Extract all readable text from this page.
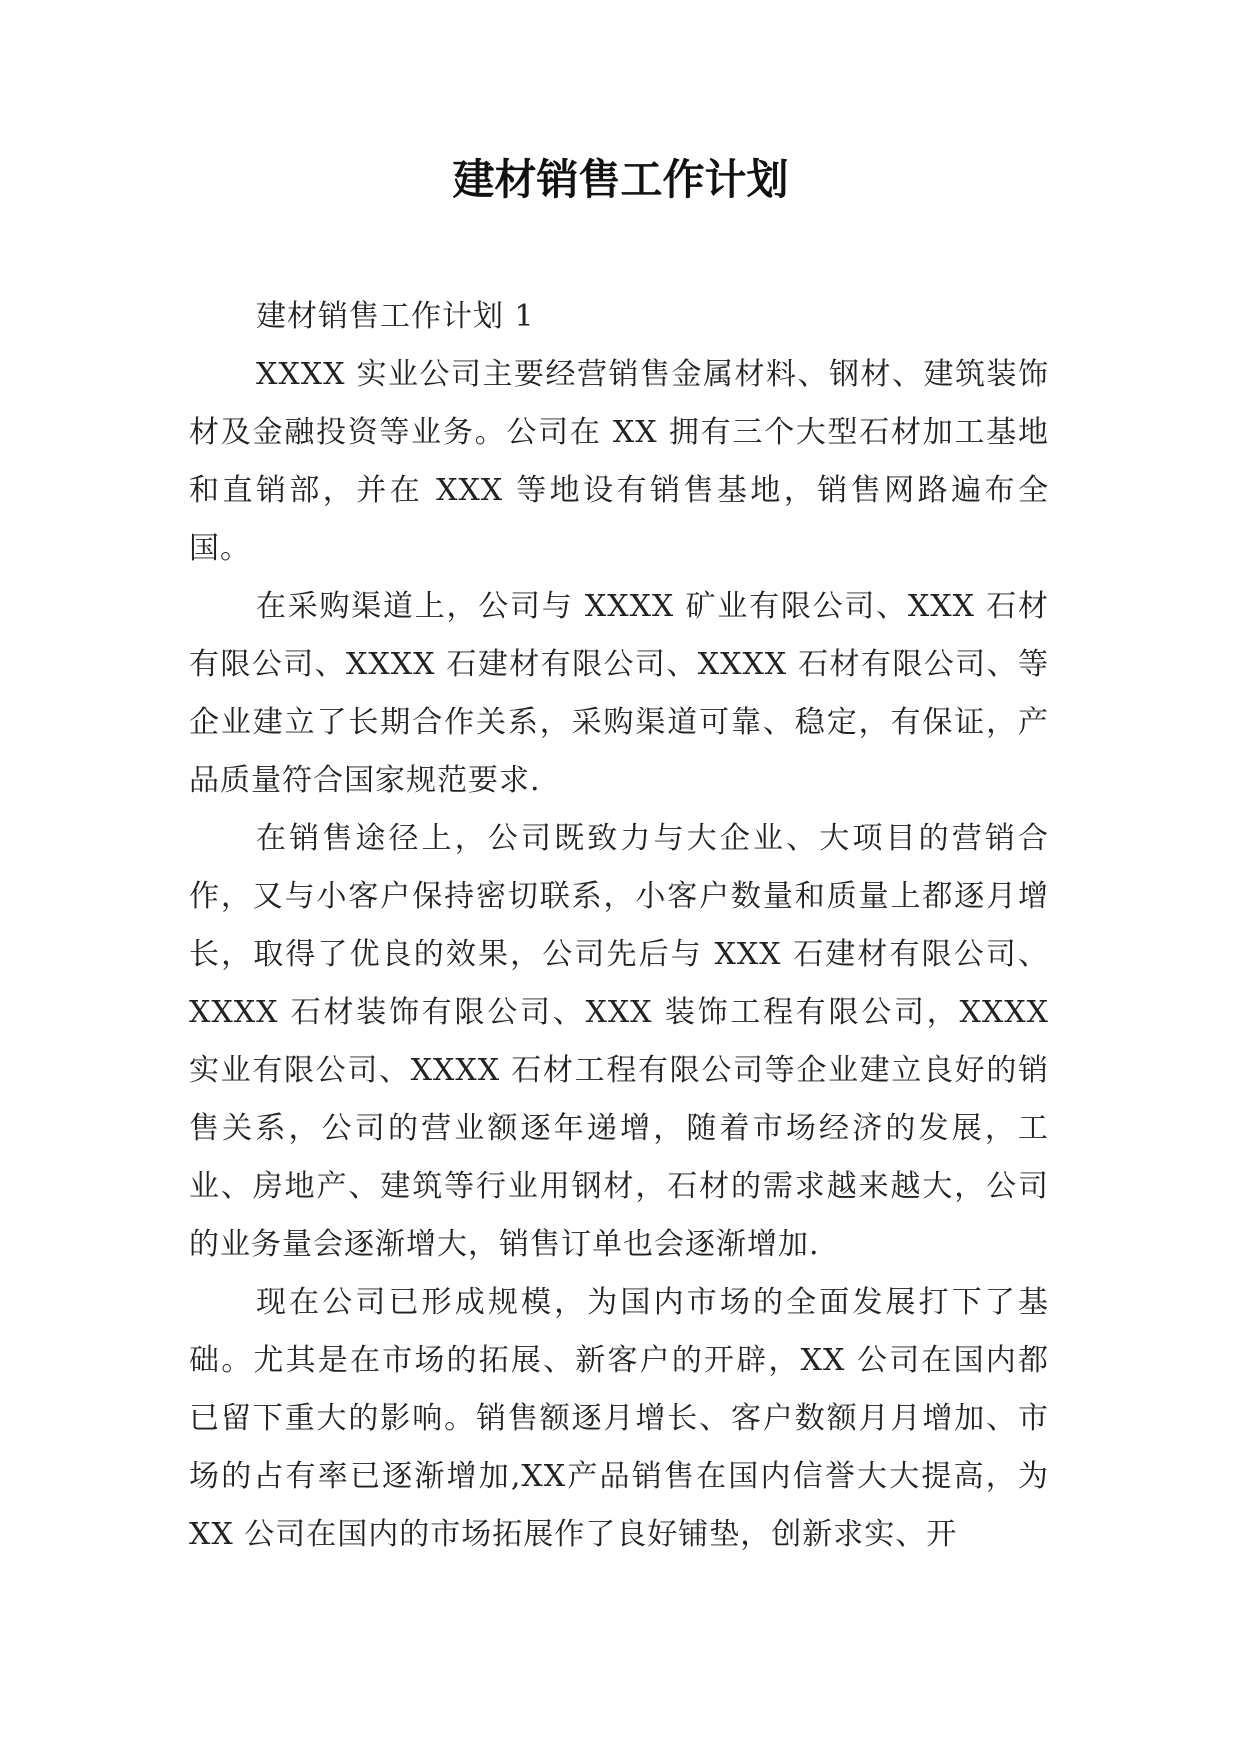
建材销售工作计划

建材销售工作计划 1

XXXX 实业公司主要经营销售金属材料、钢材、建筑装饰材及金融投资等业务。公司在 XX 拥有三个大型石材加工基地和直销部，并在 XXX 等地设有销售基地，销售网路遍布全国。

在采购渠道上，公司与 XXXX 矿业有限公司、XXX 石材有限公司、XXXX 石建材有限公司、XXXX 石材有限公司、等企业建立了长期合作关系，采购渠道可靠、稳定，有保证，产品质量符合国家规范要求.

在销售途径上，公司既致力与大企业、大项目的营销合作，又与小客户保持密切联系，小客户数量和质量上都逐月增长，取得了优良的效果，公司先后与 XXX 石建材有限公司、XXXX 石材装饰有限公司、XXX 装饰工程有限公司，XXXX 实业有限公司、XXXX 石材工程有限公司等企业建立良好的销售关系，公司的营业额逐年递增，随着市场经济的发展，工业、房地产、建筑等行业用钢材，石材的需求越来越大，公司的业务量会逐渐增大，销售订单也会逐渐增加.

现在公司已形成规模，为国内市场的全面发展打下了基础。尤其是在市场的拓展、新客户的开辟，XX 公司在国内都已留下重大的影响。销售额逐月增长、客户数额月月增加、市场的占有率已逐渐增加,XX产品销售在国内信誉大大提高，为 XX 公司在国内的市场拓展作了良好铺垫，创新求实、开
